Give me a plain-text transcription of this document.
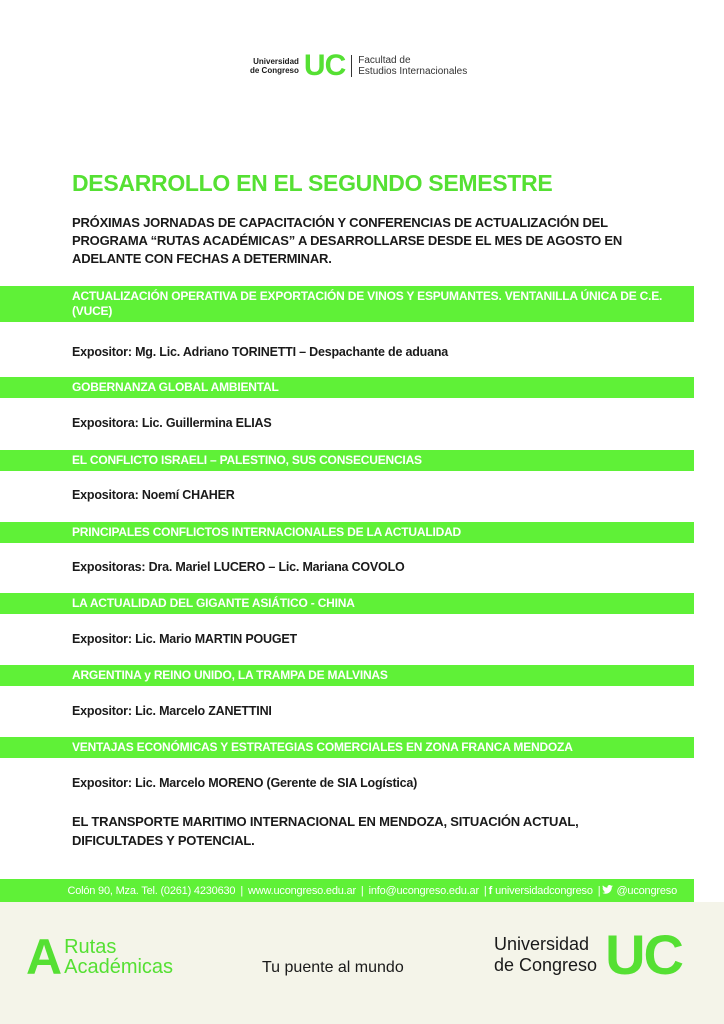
Universidad
de Congreso UC Facultad de
Estudios Internacionales
DESARROLLO EN EL SEGUNDO SEMESTRE

PRÓXIMAS JORNADAS DE CAPACITACIÓN Y CONFERENCIAS DE ACTUALIZACIÓN DEL PROGRAMA “RUTAS ACADÉMICAS” A DESARROLLARSE DESDE EL MES DE AGOSTO EN ADELANTE CON FECHAS A DETERMINAR.

ACTUALIZACIÓN OPERATIVA DE EXPORTACIÓN DE VINOS Y ESPUMANTES. VENTANILLA ÚNICA DE C.E. (VUCE)

Expositor: Mg. Lic. Adriano TORINETTI – Despachante de aduana

GOBERNANZA GLOBAL AMBIENTAL

Expositora: Lic. Guillermina ELIAS

EL CONFLICTO ISRAELI – PALESTINO, SUS CONSECUENCIAS

Expositora: Noemí CHAHER

PRINCIPALES CONFLICTOS INTERNACIONALES DE LA ACTUALIDAD

Expositoras: Dra. Mariel LUCERO – Lic. Mariana COVOLO

LA ACTUALIDAD DEL GIGANTE ASIÁTICO - CHINA

Expositor: Lic. Mario MARTIN POUGET

ARGENTINA y REINO UNIDO, LA TRAMPA DE MALVINAS

Expositor: Lic. Marcelo ZANETTINI

VENTAJAS ECONÓMICAS Y ESTRATEGIAS COMERCIALES EN ZONA FRANCA MENDOZA

Expositor: Lic. Marcelo MORENO (Gerente de SIA Logística)

EL TRANSPORTE MARITIMO INTERNACIONAL EN MENDOZA, SITUACIÓN ACTUAL, DIFICULTADES Y POTENCIAL.

Colón 90, Mza. Tel. (0261) 4230630 | www.ucongreso.edu.ar | info@ucongreso.edu.ar | f universidadcongreso | @ucongreso
A Rutas
Académicas	Tu puente al mundo
Universidad
de Congreso UC
